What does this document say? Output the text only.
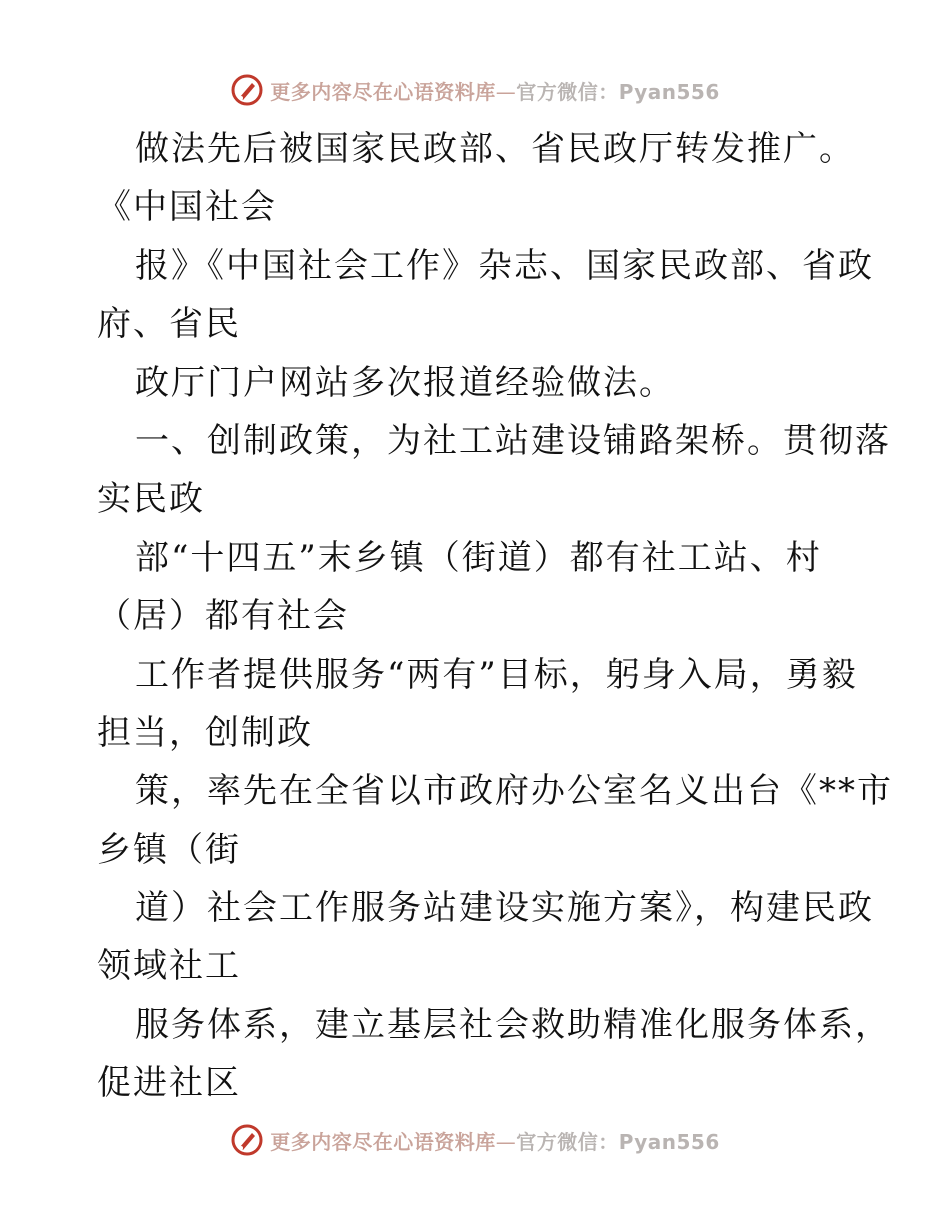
更多内容尽在心语资料库—官方微信：Pyan556
做法先后被国家民政部、省民政厅转发推广。
《中国社会
报》《中国社会工作》杂志、国家民政部、省政
府、省民
政厅门户网站多次报道经验做法。
一、创制政策，为社工站建设铺路架桥。贯彻落
实民政
部“十四五”末乡镇（街道）都有社工站、村
（居）都有社会
工作者提供服务“两有”目标，躬身入局，勇毅
担当，创制政
策，率先在全省以市政府办公室名义出台《**市
乡镇（街
道）社会工作服务站建设实施方案》，构建民政
领域社工
服务体系，建立基层社会救助精准化服务体系，
促进社区
更多内容尽在心语资料库—官方微信：Pyan556
